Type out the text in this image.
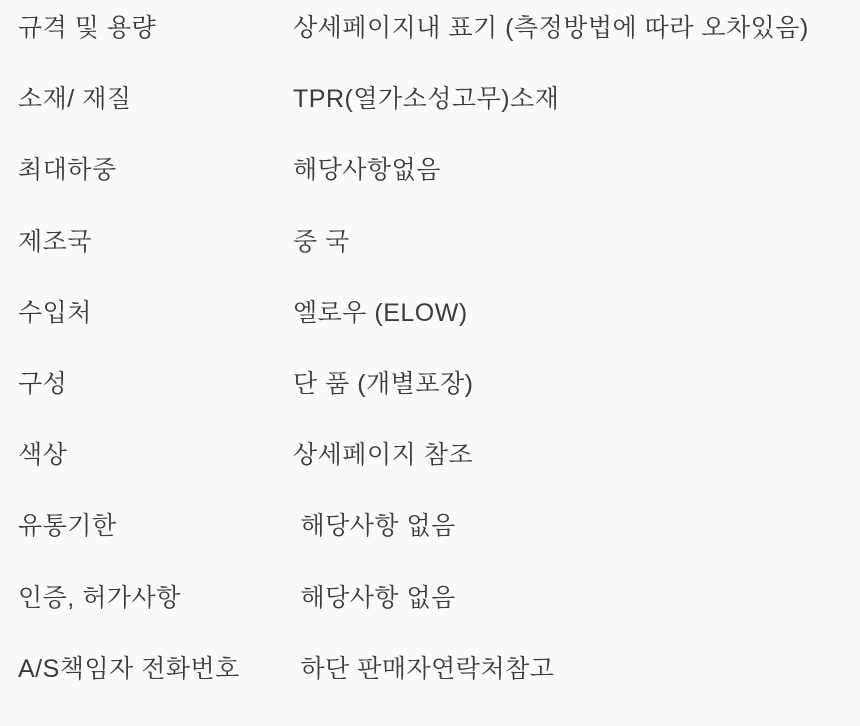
규격 및 용량	상세페이지내 표기 (측정방법에 따라 오차있음)
소재/ 재질	TPR(열가소성고무)소재
최대하중	해당사항없음
제조국	중 국
수입처	엘로우 (ELOW)
구성	단 품 (개별포장)
색상	상세페이지 참조
유통기한	해당사항 없음
인증, 허가사항	해당사항 없음
A/S책임자 전화번호	하단 판매자연락처참고
